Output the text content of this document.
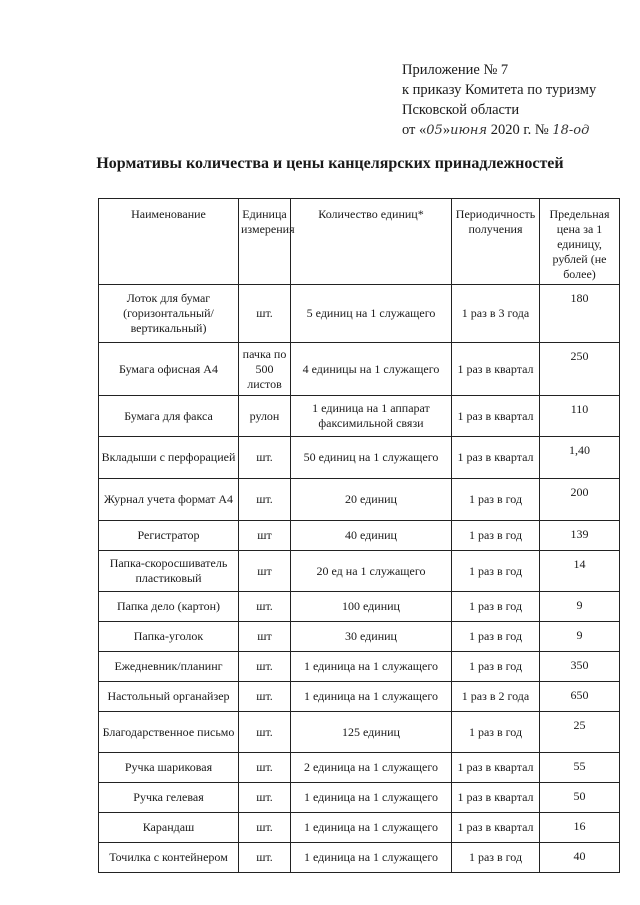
Приложение № 7
к приказу Комитета по туризму
Псковской области
от «05»июня 2020 г. № 18-од
Нормативы количества и цены канцелярских принадлежностей
Наименование	Единица измерения	Количество единиц*	Периодичность получения	Предельная цена за 1 единицу, рублей (не более)
Лоток для бумаг (горизонтальный/ вертикальный)	шт.	5 единиц на 1 служащего	1 раз в 3 года	180
Бумага офисная А4	пачка по 500 листов	4 единицы на 1 служащего	1 раз в квартал	250
Бумага для факса	рулон	1 единица на 1 аппарат факсимильной связи	1 раз в квартал	110
Вкладыши с перфорацией	шт.	50 единиц на 1 служащего	1 раз в квартал	1,40
Журнал учета формат А4	шт.	20 единиц	1 раз в год	200
Регистратор	шт	40 единиц	1 раз в год	139
Папка-скоросшиватель пластиковый	шт	20 ед на 1 служащего	1 раз в год	14
Папка дело (картон)	шт.	100 единиц	1 раз в год	9
Папка-уголок	шт	30 единиц	1 раз в год	9
Ежедневник/планинг	шт.	1 единица на 1 служащего	1 раз в год	350
Настольный органайзер	шт.	1 единица на 1 служащего	1 раз в 2 года	650
Благодарственное письмо	шт.	125 единиц	1 раз в год	25
Ручка шариковая	шт.	2 единица на 1 служащего	1 раз в квартал	55
Ручка гелевая	шт.	1 единица на 1 служащего	1 раз в квартал	50
Карандаш	шт.	1 единица на 1 служащего	1 раз в квартал	16
Точилка с контейнером	шт.	1 единица на 1 служащего	1 раз в год	40
